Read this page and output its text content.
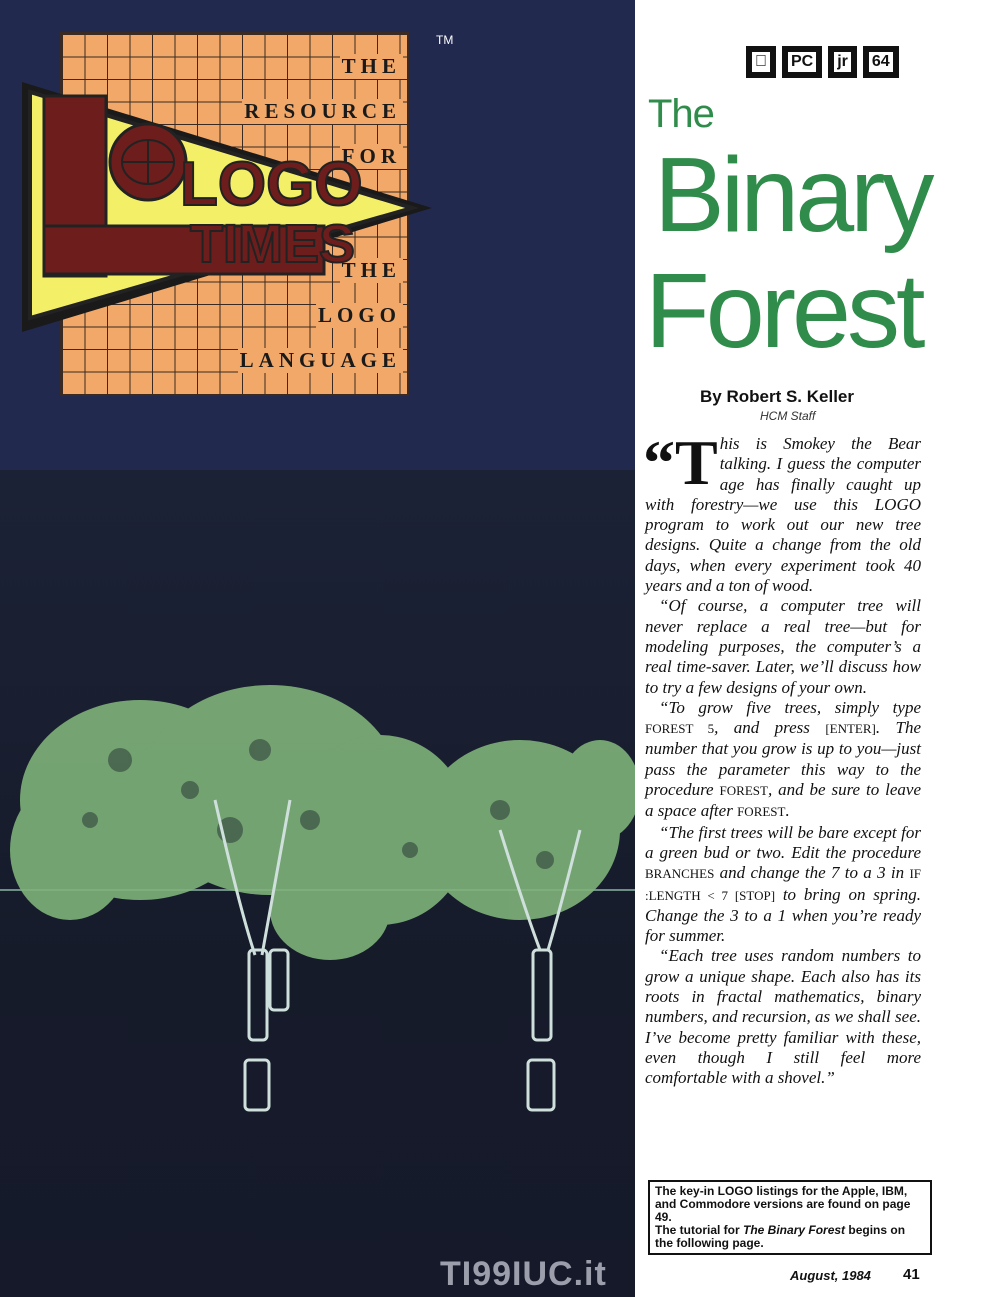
THE
RESOURCE
FOR
THE
LOGO
LANGUAGE
TM
LOGO
TIMES
TI99IUC.it
PC jr 64
The
Binary
Forest
By Robert S. Keller
HCM Staff

“This is Smokey the Bear talking. I guess the computer age has finally caught up with forestry—we use this LOGO program to work out our new tree designs. Quite a change from the old days, when every experiment took 40 years and a ton of wood.

“Of course, a computer tree will never replace a real tree—but for modeling purposes, the computer’s a real time-saver. Later, we’ll discuss how to try a few designs of your own.

“To grow five trees, simply type FOREST 5, and press [ENTER]. The number that you grow is up to you—just pass the parameter this way to the procedure FOREST, and be sure to leave a space after FOREST.

“The first trees will be bare except for a green bud or two. Edit the procedure BRANCHES and change the 7 to a 3 in IF :LENGTH < 7 [STOP] to bring on spring. Change the 3 to a 1 when you’re ready for summer.

“Each tree uses random numbers to grow a unique shape. Each also has its roots in fractal mathematics, binary numbers, and recursion, as we shall see. I’ve become pretty familiar with these, even though I still feel more comfortable with a shovel.”

The key-in LOGO listings for the Apple, IBM, and Commodore versions are found on page 49.
The tutorial for The Binary Forest begins on the following page.
August, 1984 41
